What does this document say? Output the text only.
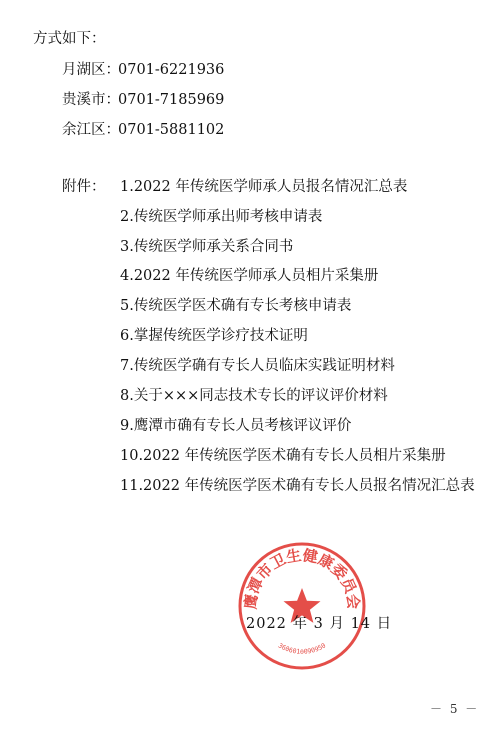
方式如下：
月湖区：0701-6221936
贵溪市：0701-7185969
余江区：0701-5881102
附件： 1.2022 年传统医学师承人员报名情况汇总表
2.传统医学师承出师考核申请表
3.传统医学师承关系合同书
4.2022 年传统医学师承人员相片采集册
5.传统医学医术确有专长考核申请表
6.掌握传统医学诊疗技术证明
7.传统医学确有专长人员临床实践证明材料
8.关于×××同志技术专长的评议评价材料
9.鹰潭市确有专长人员考核评议评价
10.2022 年传统医学医术确有专长人员相片采集册
11.2022 年传统医学医术确有专长人员报名情况汇总表
鹰潭市卫生健康委员会
3606010090950
2022 年 3 月 14 日
－ 5 －
